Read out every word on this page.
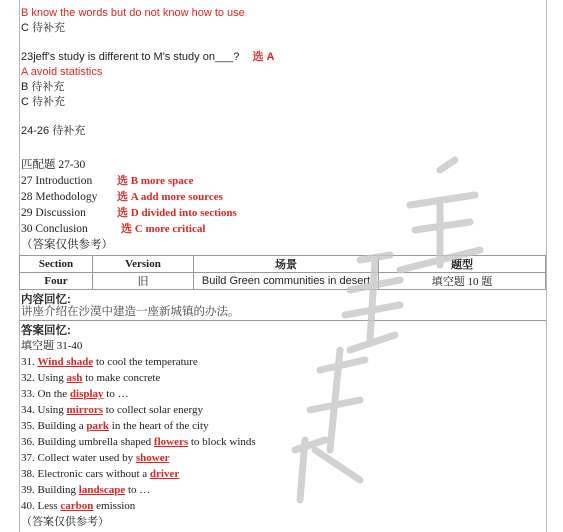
B know the words but do not know how to use
C 待补充
23jeff's study is different to M's study on___? 选 A
A avoid statistics
B 待补充
C 待补充
24-26 待补充
匹配题 27-30
27 Introduction 选 B more space
28 Methodology 选 A add more sources
29 Discussion	选 D divided into sections
30 Conclusion	选 C more critical
（答案仅供参考）
Section	Version	场景	题型
Four	旧	Build Green communities in desert	填空题 10 题
内容回忆:
讲座介绍在沙漠中建造一座新城镇的办法。
答案回忆:
填空题 31-40
31. Wind shade to cool the temperature
32. Using ash to make concrete
33. On the display to …
34. Using mirrors to collect solar energy
35. Building a park in the heart of the city
36. Building umbrella shaped flowers to block winds
37. Collect water used by shower
38. Electronic cars without a driver
39. Building landscape to …
40. Less carbon emission
（答案仅供参考）
